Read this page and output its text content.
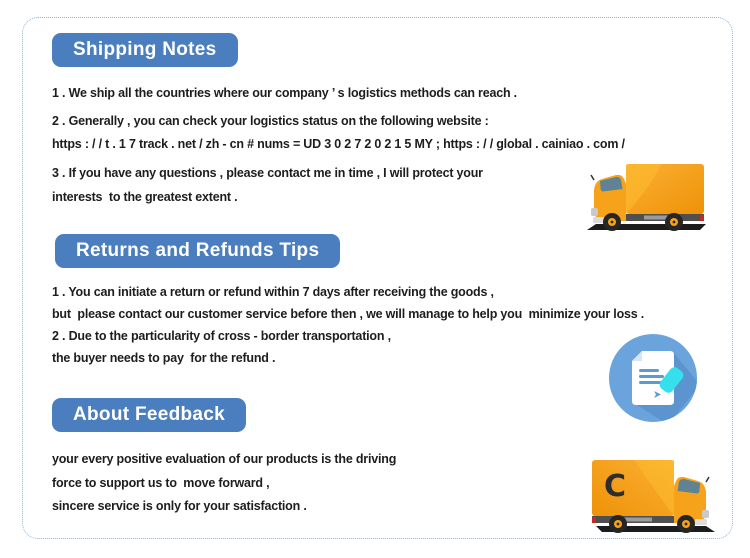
Shipping Notes
1 . We ship all the countries where our company ’ s logistics methods can reach .
2 . Generally , you can check your logistics status on the following website :
https : / / t . 1 7 track . net / zh - cn # nums = UD 3 0 2 7 2 0 2 1 5 MY ; https : / / global . cainiao . com /
3 . If you have any questions , please contact me in time , I will protect your
interests  to the greatest extent .
Returns and Refunds Tips
1 . You can initiate a return or refund within 7 days after receiving the goods ,
but  please contact our customer service before then , we will manage to help you  minimize your loss .
2 . Due to the particularity of cross - border transportation ,
the buyer needs to pay  for the refund .
About Feedback
your every positive evaluation of our products is the driving
force to support us to  move forward ,
sincere service is only for your satisfaction .
C
